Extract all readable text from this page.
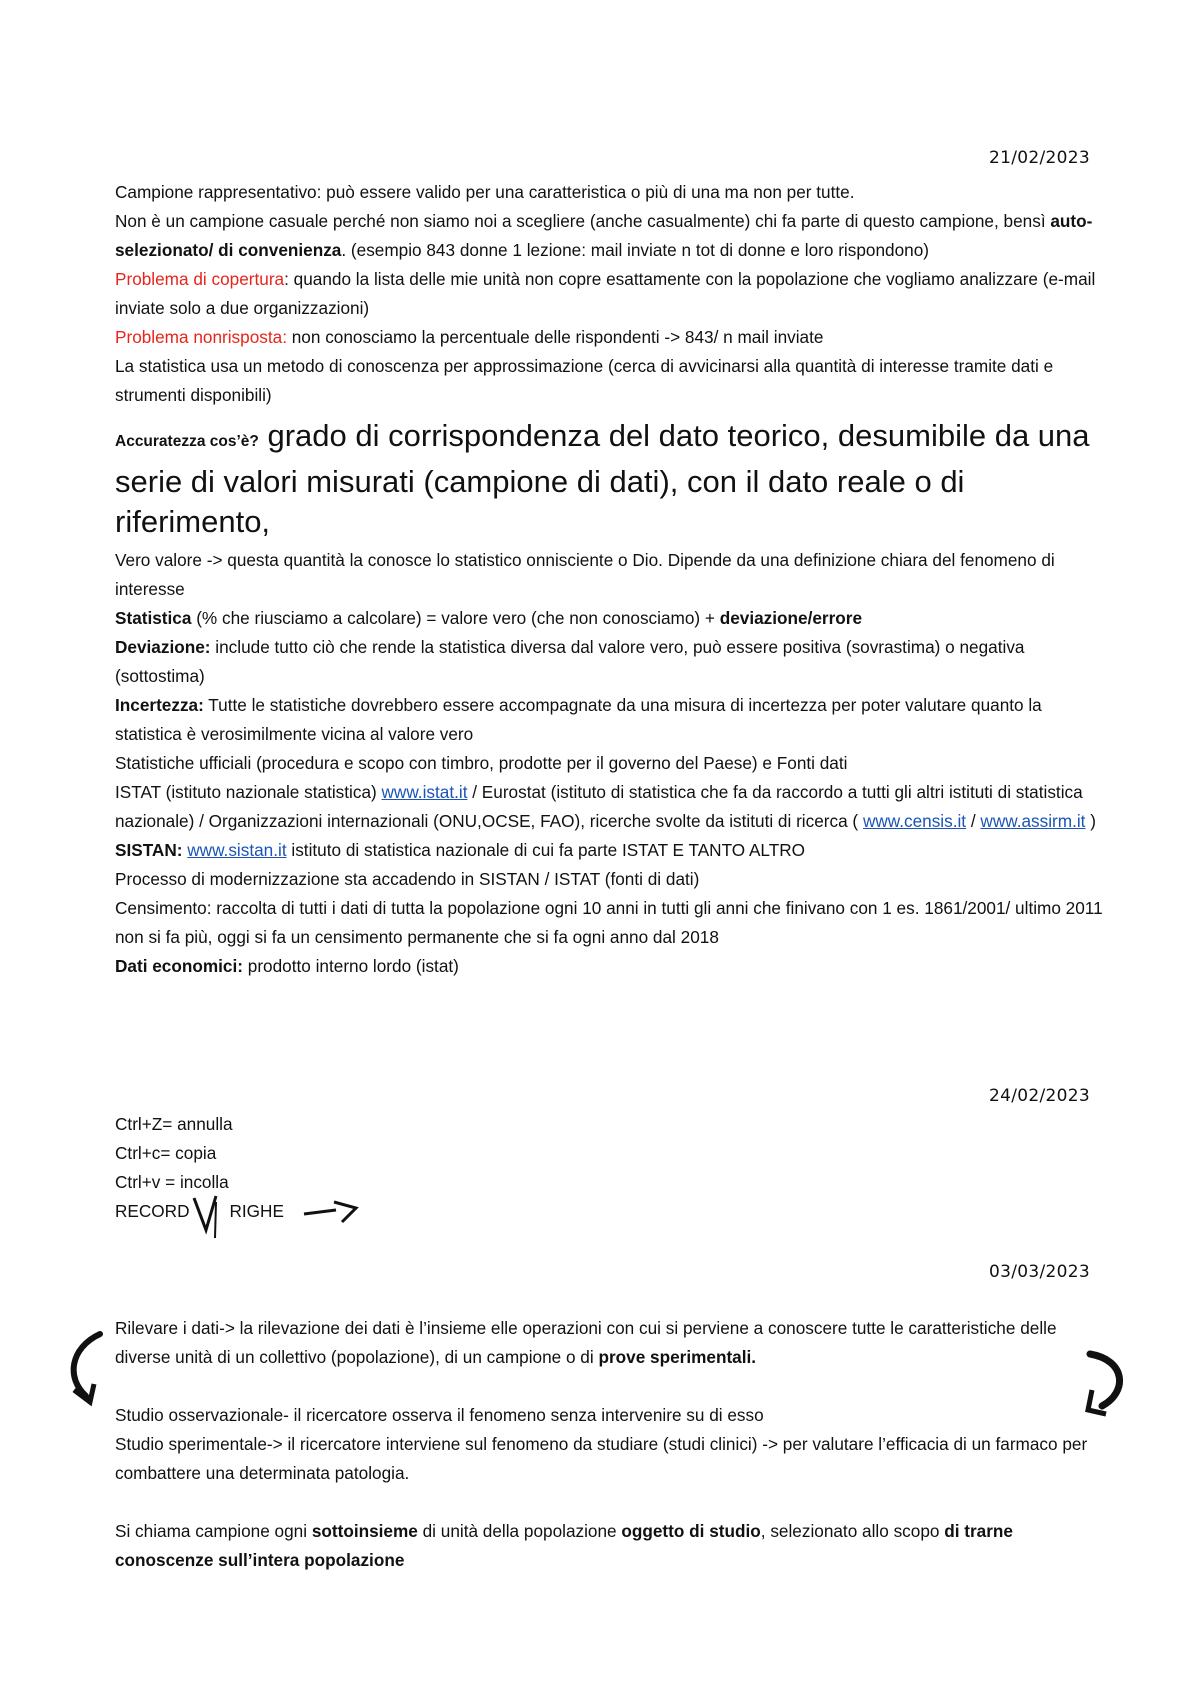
21/02/2023

Campione rappresentativo: può essere valido per una caratteristica o più di una ma non per tutte.

Non è un campione casuale perché non siamo noi a scegliere (anche casualmente) chi fa parte di questo campione, bensì auto-selezionato/ di convenienza. (esempio 843 donne 1 lezione: mail inviate n tot di donne e loro rispondono)

Problema di copertura: quando la lista delle mie unità non copre esattamente con la popolazione che vogliamo analizzare (e-mail inviate solo a due organizzazioni)

Problema nonrisposta: non conosciamo la percentuale delle rispondenti -> 843/ n mail inviate

La statistica usa un metodo di conoscenza per approssimazione (cerca di avvicinarsi alla quantità di interesse tramite dati e strumenti disponibili)

Accuratezza cos’è? grado di corrispondenza del dato teorico, desumibile da una serie di valori misurati (campione di dati), con il dato reale o di riferimento,

Vero valore -> questa quantità la conosce lo statistico onnisciente o Dio. Dipende da una definizione chiara del fenomeno di interesse

Statistica (% che riusciamo a calcolare) = valore vero (che non conosciamo) + deviazione/errore

Deviazione: include tutto ciò che rende la statistica diversa dal valore vero, può essere positiva (sovrastima) o negativa (sottostima)

Incertezza: Tutte le statistiche dovrebbero essere accompagnate da una misura di incertezza per poter valutare quanto la statistica è verosimilmente vicina al valore vero

Statistiche ufficiali (procedura e scopo con timbro, prodotte per il governo del Paese) e Fonti dati

ISTAT (istituto nazionale statistica) www.istat.it / Eurostat (istituto di statistica che fa da raccordo a tutti gli altri istituti di statistica nazionale) / Organizzazioni internazionali (ONU,OCSE, FAO), ricerche svolte da istituti di ricerca ( www.censis.it / www.assirm.it )

SISTAN: www.sistan.it istituto di statistica nazionale di cui fa parte ISTAT E TANTO ALTRO

Processo di modernizzazione sta accadendo in SISTAN / ISTAT (fonti di dati)

Censimento: raccolta di tutti i dati di tutta la popolazione ogni 10 anni in tutti gli anni che finivano con 1 es. 1861/2001/ ultimo 2011 non si fa più, oggi si fa un censimento permanente che si fa ogni anno dal 2018

Dati economici: prodotto interno lordo (istat)

24/02/2023

Ctrl+Z= annulla

Ctrl+c= copia

Ctrl+v = incolla

RECORD RIGHE

03/03/2023

Rilevare i dati-> la rilevazione dei dati è l’insieme elle operazioni con cui si perviene a conoscere tutte le caratteristiche delle diverse unità di un collettivo (popolazione), di un campione o di prove sperimentali.

Studio osservazionale- il ricercatore osserva il fenomeno senza intervenire su di esso

Studio sperimentale-> il ricercatore interviene sul fenomeno da studiare (studi clinici) -> per valutare l’efficacia di un farmaco per combattere una determinata patologia.

Si chiama campione ogni sottoinsieme di unità della popolazione oggetto di studio, selezionato allo scopo di trarne conoscenze sull’intera popolazione
